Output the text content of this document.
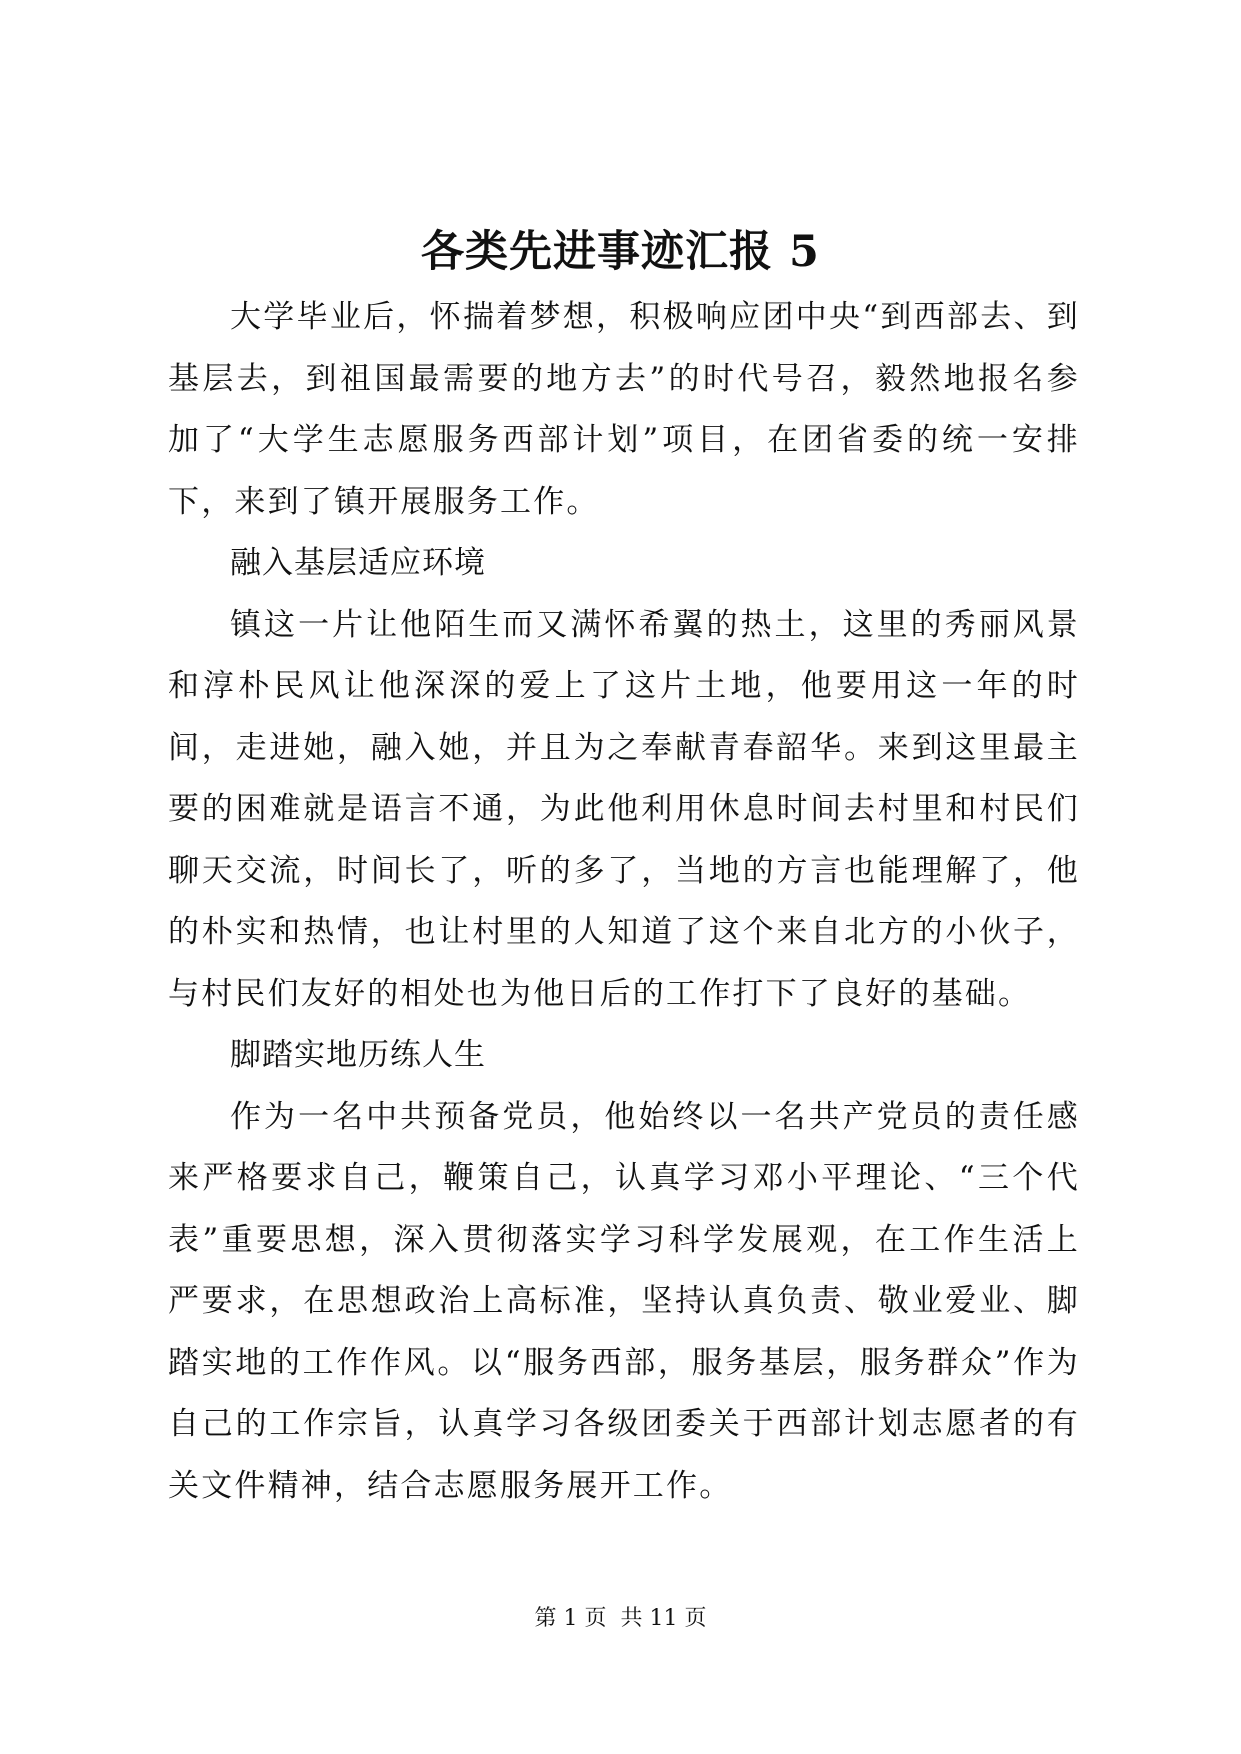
各类先进事迹汇报 5

大学毕业后，怀揣着梦想，积极响应团中央“到西部去、到基层去，到祖国最需要的地方去”的时代号召，毅然地报名参加了“大学生志愿服务西部计划”项目，在团省委的统一安排下，来到了镇开展服务工作。

融入基层适应环境

镇这一片让他陌生而又满怀希翼的热土，这里的秀丽风景和淳朴民风让他深深的爱上了这片土地，他要用这一年的时间，走进她，融入她，并且为之奉献青春韶华。来到这里最主要的困难就是语言不通，为此他利用休息时间去村里和村民们聊天交流，时间长了，听的多了，当地的方言也能理解了，他的朴实和热情，也让村里的人知道了这个来自北方的小伙子，与村民们友好的相处也为他日后的工作打下了良好的基础。

脚踏实地历练人生

作为一名中共预备党员，他始终以一名共产党员的责任感来严格要求自己，鞭策自己，认真学习邓小平理论、“三个代表”重要思想，深入贯彻落实学习科学发展观，在工作生活上严要求，在思想政治上高标准，坚持认真负责、敬业爱业、脚踏实地的工作作风。以“服务西部，服务基层，服务群众”作为自己的工作宗旨，认真学习各级团委关于西部计划志愿者的有关文件精神，结合志愿服务展开工作。

第 1 页  共 11 页
